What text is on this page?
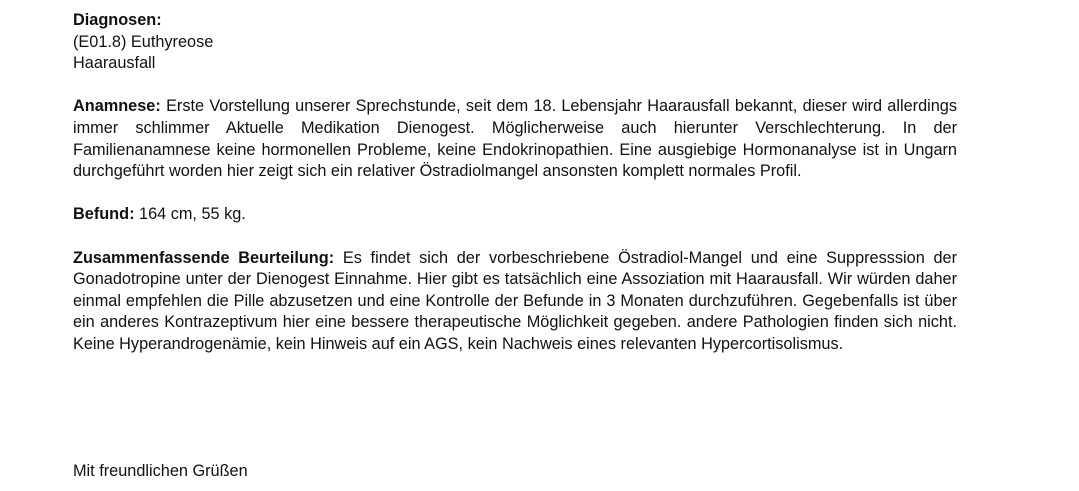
Diagnosen:
(E01.8) Euthyreose
Haarausfall

Anamnese: Erste Vorstellung unserer Sprechstunde, seit dem 18. Lebensjahr Haarausfall bekannt, dieser wird allerdings immer schlimmer Aktuelle Medikation Dienogest. Möglicherweise auch hierunter Verschlechterung. In der Familienanamnese keine hormonellen Probleme, keine Endokrinopathien. Eine ausgiebige Hormonanalyse ist in Ungarn durchgeführt worden hier zeigt sich ein relativer Östradiolmangel ansonsten komplett normales Profil.

Befund: 164 cm, 55 kg.

Zusammenfassende Beurteilung: Es findet sich der vorbeschriebene Östradiol-Mangel und eine Suppresssion der Gonadotropine unter der Dienogest Einnahme. Hier gibt es tatsächlich eine Assoziation mit Haarausfall. Wir würden daher einmal empfehlen die Pille abzusetzen und eine Kontrolle der Befunde in 3 Monaten durchzuführen. Gegebenfalls ist über ein anderes Kontrazeptivum hier eine bessere therapeutische Möglichkeit gegeben. andere Pathologien finden sich nicht. Keine Hyperandrogenämie, kein Hinweis auf ein AGS, kein Nachweis eines relevanten Hypercortisolismus.

Mit freundlichen Grüßen
